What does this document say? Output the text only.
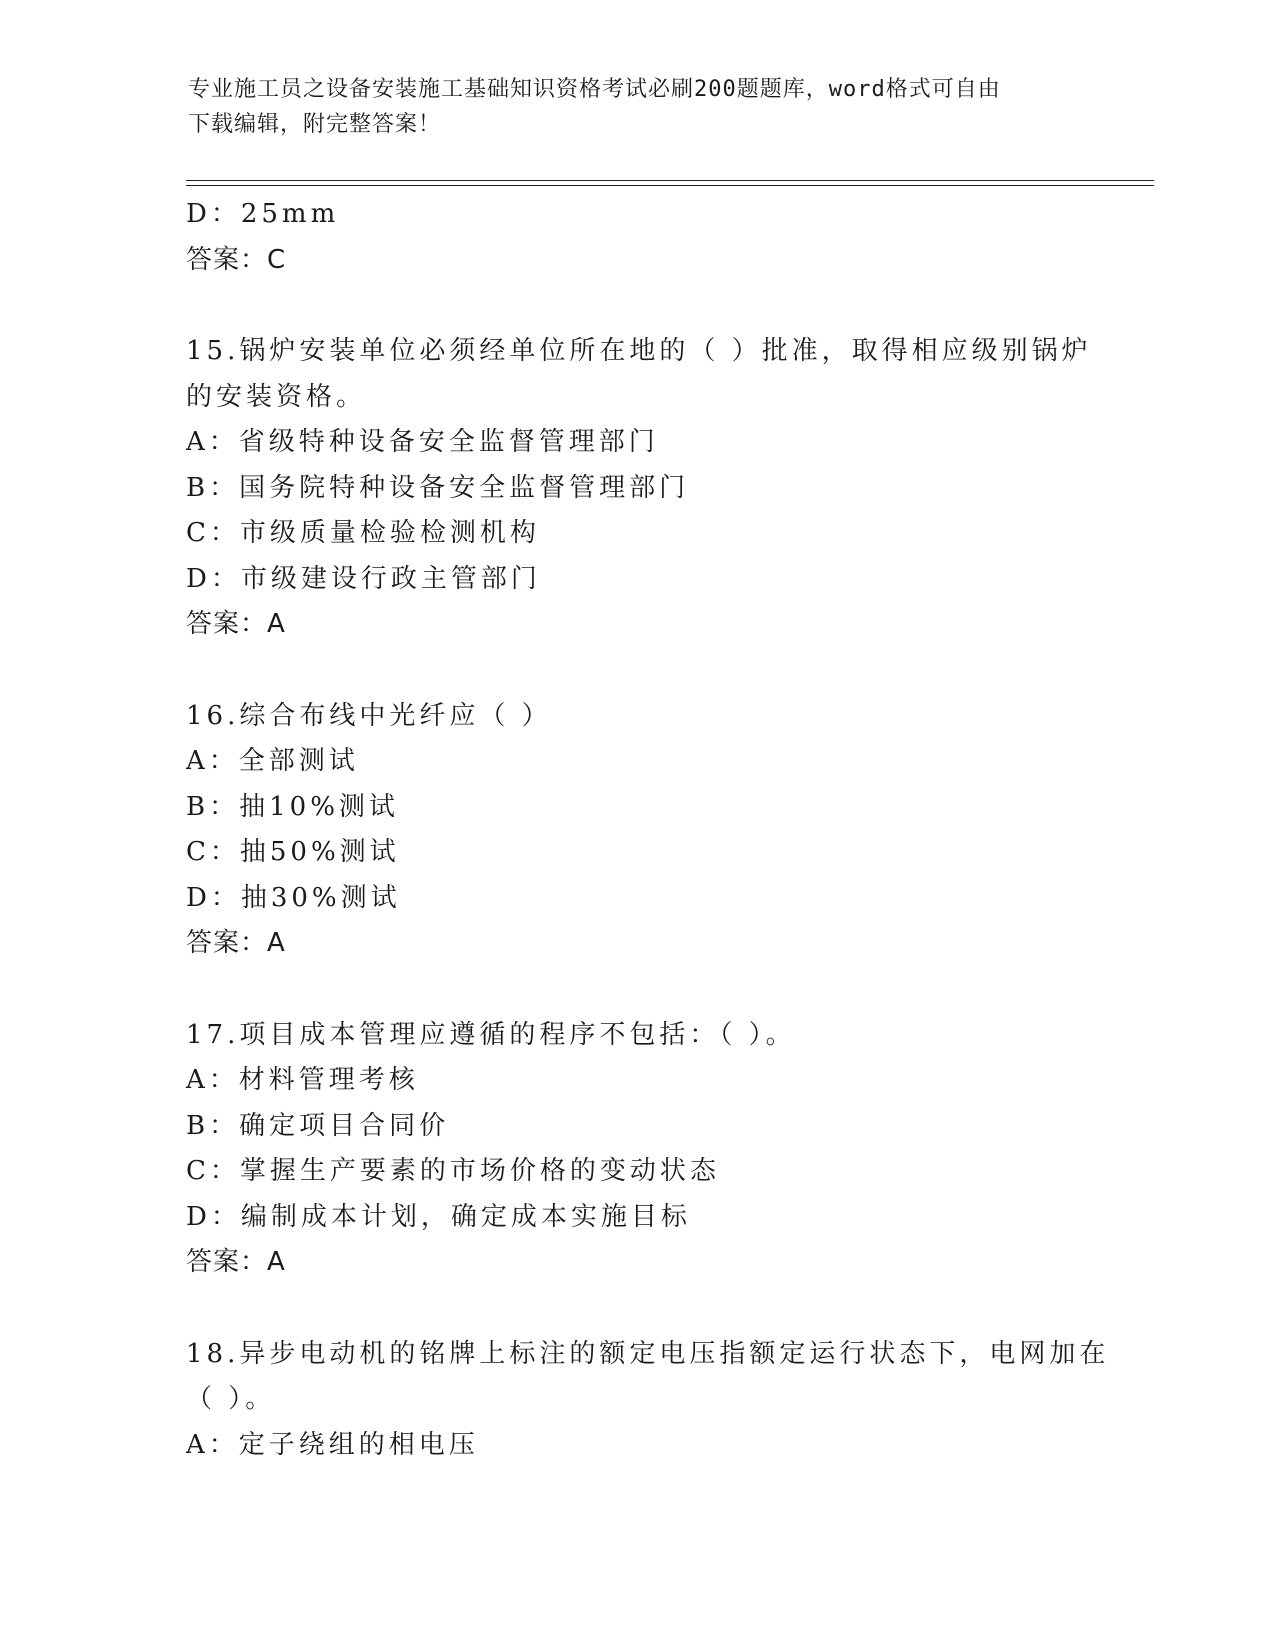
专业施工员之设备安装施工基础知识资格考试必刷200题题库，word格式可自由
下载编辑，附完整答案！
D：25mm
答案：C
15.锅炉安装单位必须经单位所在地的（ ）批准，取得相应级别锅炉
的安装资格。
A：省级特种设备安全监督管理部门
B：国务院特种设备安全监督管理部门
C：市级质量检验检测机构
D：市级建设行政主管部门
答案：A
16.综合布线中光纤应（ ）
A：全部测试
B：抽10%测试
C：抽50%测试
D：抽30%测试
答案：A
17.项目成本管理应遵循的程序不包括：（ ）。
A：材料管理考核
B：确定项目合同价
C：掌握生产要素的市场价格的变动状态
D：编制成本计划，确定成本实施目标
答案：A
18.异步电动机的铭牌上标注的额定电压指额定运行状态下，电网加在
（ ）。
A：定子绕组的相电压
